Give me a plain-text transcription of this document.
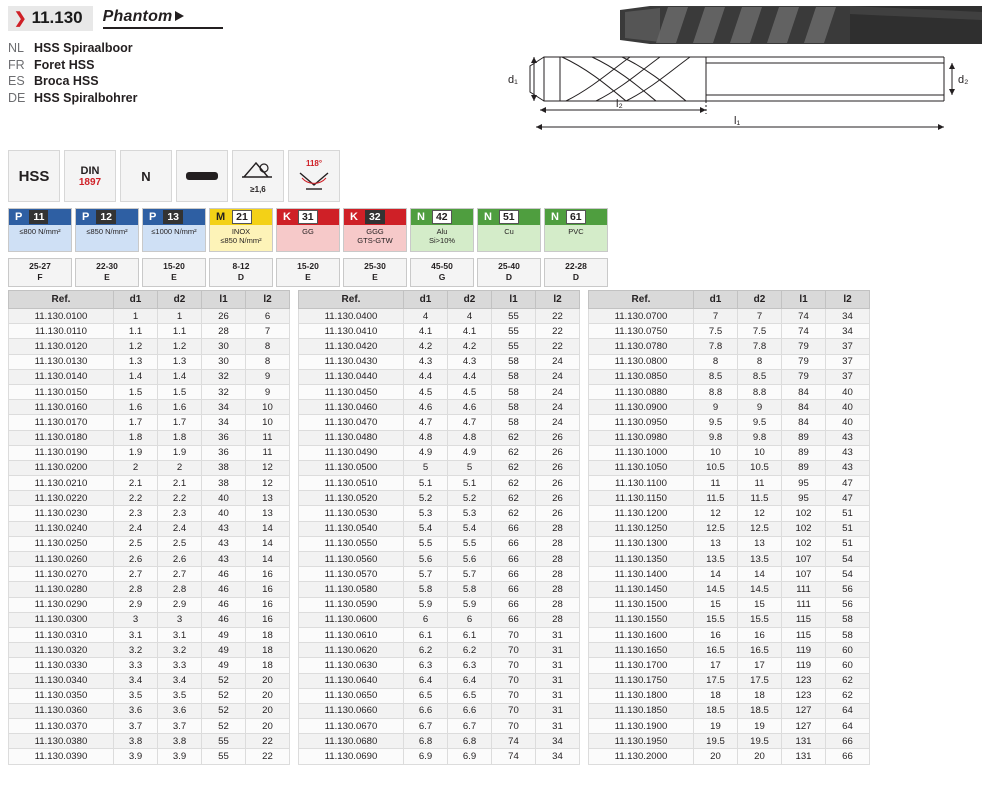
❯ 11.130 Phantom
NL HSS Spiraalboor
FR Foret HSS
ES Broca HSS
DE HSS Spiralbohrer
d₁	d₂
l₂
l₁
HSS	DIN
1897	N
≥1,6
118°
P	11
≤800 N/mm²
P	12
≤850 N/mm²
P	13
≤1000 N/mm²
M	21
INOX
≤850 N/mm²
K	31
GG
K	32
GGG
GTS-GTW
N	42
Alu
Si>10%
N	51
Cu
N	61
PVC
25-27
F
22-30
E
15-20
E
8-12
D
15-20
E
25-30
E
45-50
G
25-40
D
22-28
D
Ref.	d1	d2	l1	l2
11.130.0100	1	1	26	6
11.130.0110	1.1	1.1	28	7
11.130.0120	1.2	1.2	30	8
11.130.0130	1.3	1.3	30	8
11.130.0140	1.4	1.4	32	9
11.130.0150	1.5	1.5	32	9
11.130.0160	1.6	1.6	34	10
11.130.0170	1.7	1.7	34	10
11.130.0180	1.8	1.8	36	11
11.130.0190	1.9	1.9	36	11
11.130.0200	2	2	38	12
11.130.0210	2.1	2.1	38	12
11.130.0220	2.2	2.2	40	13
11.130.0230	2.3	2.3	40	13
11.130.0240	2.4	2.4	43	14
11.130.0250	2.5	2.5	43	14
11.130.0260	2.6	2.6	43	14
11.130.0270	2.7	2.7	46	16
11.130.0280	2.8	2.8	46	16
11.130.0290	2.9	2.9	46	16
11.130.0300	3	3	46	16
11.130.0310	3.1	3.1	49	18
11.130.0320	3.2	3.2	49	18
11.130.0330	3.3	3.3	49	18
11.130.0340	3.4	3.4	52	20
11.130.0350	3.5	3.5	52	20
11.130.0360	3.6	3.6	52	20
11.130.0370	3.7	3.7	52	20
11.130.0380	3.8	3.8	55	22
11.130.0390	3.9	3.9	55	22
Ref.	d1	d2	l1	l2
11.130.0400	4	4	55	22
11.130.0410	4.1	4.1	55	22
11.130.0420	4.2	4.2	55	22
11.130.0430	4.3	4.3	58	24
11.130.0440	4.4	4.4	58	24
11.130.0450	4.5	4.5	58	24
11.130.0460	4.6	4.6	58	24
11.130.0470	4.7	4.7	58	24
11.130.0480	4.8	4.8	62	26
11.130.0490	4.9	4.9	62	26
11.130.0500	5	5	62	26
11.130.0510	5.1	5.1	62	26
11.130.0520	5.2	5.2	62	26
11.130.0530	5.3	5.3	62	26
11.130.0540	5.4	5.4	66	28
11.130.0550	5.5	5.5	66	28
11.130.0560	5.6	5.6	66	28
11.130.0570	5.7	5.7	66	28
11.130.0580	5.8	5.8	66	28
11.130.0590	5.9	5.9	66	28
11.130.0600	6	6	66	28
11.130.0610	6.1	6.1	70	31
11.130.0620	6.2	6.2	70	31
11.130.0630	6.3	6.3	70	31
11.130.0640	6.4	6.4	70	31
11.130.0650	6.5	6.5	70	31
11.130.0660	6.6	6.6	70	31
11.130.0670	6.7	6.7	70	31
11.130.0680	6.8	6.8	74	34
11.130.0690	6.9	6.9	74	34
Ref.	d1	d2	l1	l2
11.130.0700	7	7	74	34
11.130.0750	7.5	7.5	74	34
11.130.0780	7.8	7.8	79	37
11.130.0800	8	8	79	37
11.130.0850	8.5	8.5	79	37
11.130.0880	8.8	8.8	84	40
11.130.0900	9	9	84	40
11.130.0950	9.5	9.5	84	40
11.130.0980	9.8	9.8	89	43
11.130.1000	10	10	89	43
11.130.1050	10.5	10.5	89	43
11.130.1100	11	11	95	47
11.130.1150	11.5	11.5	95	47
11.130.1200	12	12	102	51
11.130.1250	12.5	12.5	102	51
11.130.1300	13	13	102	51
11.130.1350	13.5	13.5	107	54
11.130.1400	14	14	107	54
11.130.1450	14.5	14.5	111	56
11.130.1500	15	15	111	56
11.130.1550	15.5	15.5	115	58
11.130.1600	16	16	115	58
11.130.1650	16.5	16.5	119	60
11.130.1700	17	17	119	60
11.130.1750	17.5	17.5	123	62
11.130.1800	18	18	123	62
11.130.1850	18.5	18.5	127	64
11.130.1900	19	19	127	64
11.130.1950	19.5	19.5	131	66
11.130.2000	20	20	131	66
